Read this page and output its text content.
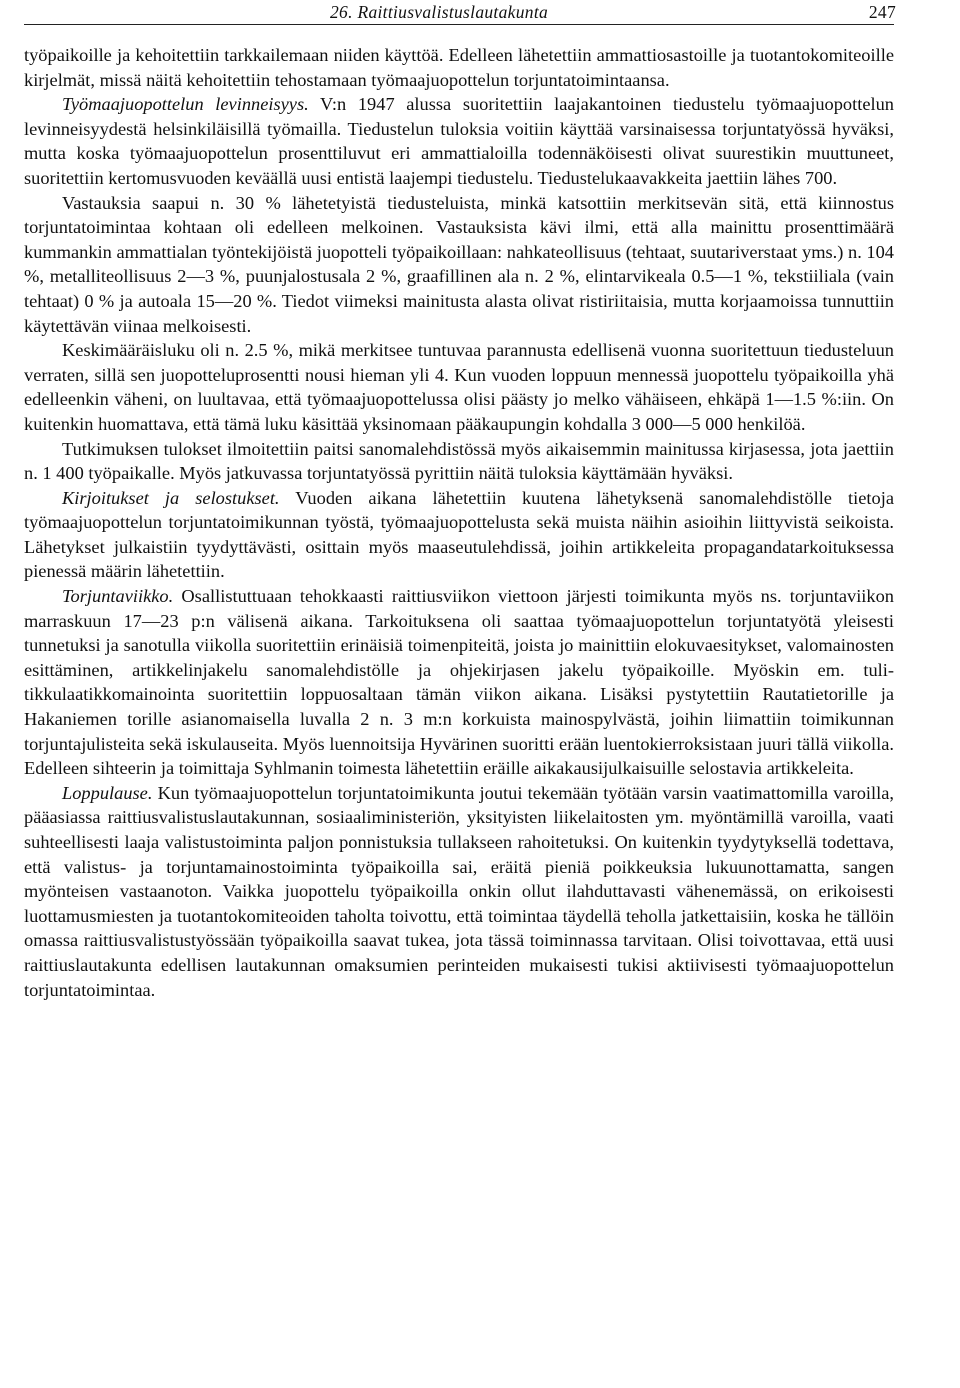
26. Raittiusvalistuslautakunta	247

työpaikoille ja kehoitettiin tarkkailemaan niiden käyttöä. Edelleen lähetettiin ammattiosastoille ja tuotantokomiteoille kirjelmät, missä näitä kehoitettiin tehostamaan työmaajuopottelun torjuntatoimintaansa.

Työmaajuopottelun levinneisyys. V:n 1947 alussa suoritettiin laajakantoinen tiedustelu työmaajuopottelun levinneisyydestä helsinkiläisillä työmailla. Tiedustelun tuloksia voitiin käyttää varsinaisessa torjuntatyössä hyväksi, mutta koska työmaajuopottelun prosenttiluvut eri ammattialoilla todennäköisesti olivat suurestikin muuttuneet, suoritettiin kertomusvuoden keväällä uusi entistä laajempi tiedustelu. Tiedustelukaavakkeita jaettiin lähes 700.

Vastauksia saapui n. 30 % lähetetyistä tiedusteluista, minkä katsottiin merkitsevän sitä, että kiinnostus torjuntatoimintaa kohtaan oli edelleen melkoinen. Vastauksista kävi ilmi, että alla mainittu prosenttimäärä kummankin ammattialan työntekijöistä juopotteli työpaikoillaan: nahkateollisuus (tehtaat, suutariverstaat yms.) n. 104 %, metalliteollisuus 2—3 %, puunjalostusala 2 %, graafillinen ala n. 2 %, elintarvikeala 0.5—1 %, tekstiiliala (vain tehtaat) 0 % ja autoala 15—20 %. Tiedot viimeksi mainitusta alasta olivat ristiriitaisia, mutta korjaamoissa tunnuttiin käytettävän viinaa melkoisesti.

Keskimääräisluku oli n. 2.5 %, mikä merkitsee tuntuvaa parannusta edellisenä vuonna suoritettuun tiedusteluun verraten, sillä sen juopotteluprosentti nousi hieman yli 4. Kun vuoden loppuun mennessä juopottelu työpaikoilla yhä edelleenkin väheni, on luultavaa, että työmaajuopottelussa olisi päästy jo melko vähäiseen, ehkäpä 1—1.5 %:iin. On kuitenkin huomattava, että tämä luku käsittää yksinomaan pääkaupungin kohdalla 3 000—5 000 henkilöä.

Tutkimuksen tulokset ilmoitettiin paitsi sanomalehdistössä myös aikaisemmin mainitussa kirjasessa, jota jaettiin n. 1 400 työpaikalle. Myös jatkuvassa torjuntatyössä pyrittiin näitä tuloksia käyttämään hyväksi.

Kirjoitukset ja selostukset. Vuoden aikana lähetettiin kuutena lähetyksenä sanomalehdistölle tietoja työmaajuopottelun torjuntatoimikunnan työstä, työmaajuopottelusta sekä muista näihin asioihin liittyvistä seikoista. Lähetykset julkaistiin tyydyttävästi, osittain myös maaseutulehdissä, joihin artikkeleita propagandatarkoituksessa pienessä määrin lähetettiin.

Torjuntaviikko. Osallistuttuaan tehokkaasti raittiusviikon viettoon järjesti toimikunta myös ns. torjuntaviikon marraskuun 17—23 p:n välisenä aikana. Tarkoituksena oli saattaa työmaajuopottelun torjuntatyötä yleisesti tunnetuksi ja sanotulla viikolla suoritettiin erinäisiä toimenpiteitä, joista jo mainittiin elokuvaesitykset, valomainosten esittäminen, artikkelinjakelu sanomalehdistölle ja ohjekirjasen jakelu työpaikoille. Myöskin em. tulitikkulaatikkomainointa suoritettiin loppuosaltaan tämän viikon aikana. Lisäksi pystytettiin Rautatietorille ja Hakaniemen torille asianomaisella luvalla 2 n. 3 m:n korkuista mainospylvästä, joihin liimattiin toimikunnan torjuntajulisteita sekä iskulauseita. Myös luennoitsija Hyvärinen suoritti erään luentokierroksistaan juuri tällä viikolla. Edelleen sihteerin ja toimittaja Syhlmanin toimesta lähetettiin eräille aikakausijulkaisuille selostavia artikkeleita.

Loppulause. Kun työmaajuopottelun torjuntatoimikunta joutui tekemään työtään varsin vaatimattomilla varoilla, pääasiassa raittiusvalistuslautakunnan, sosiaaliministeriön, yksityisten liikelaitosten ym. myöntämillä varoilla, vaati suhteellisesti laaja valistustoiminta paljon ponnistuksia tullakseen rahoitetuksi. On kuitenkin tyydytyksellä todettava, että valistus- ja torjuntamainostoiminta työpaikoilla sai, eräitä pieniä poikkeuksia lukuunottamatta, sangen myönteisen vastaanoton. Vaikka juopottelu työpaikoilla onkin ollut ilahduttavasti vähenemässä, on erikoisesti luottamusmiesten ja tuotantokomiteoiden taholta toivottu, että toimintaa täydellä teholla jatkettaisiin, koska he tällöin omassa raittiusvalistustyössään työpaikoilla saavat tukea, jota tässä toiminnassa tarvitaan. Olisi toivottavaa, että uusi raittiuslautakunta edellisen lautakunnan omaksumien perinteiden mukaisesti tukisi aktiivisesti työmaajuopottelun torjuntatoimintaa.
